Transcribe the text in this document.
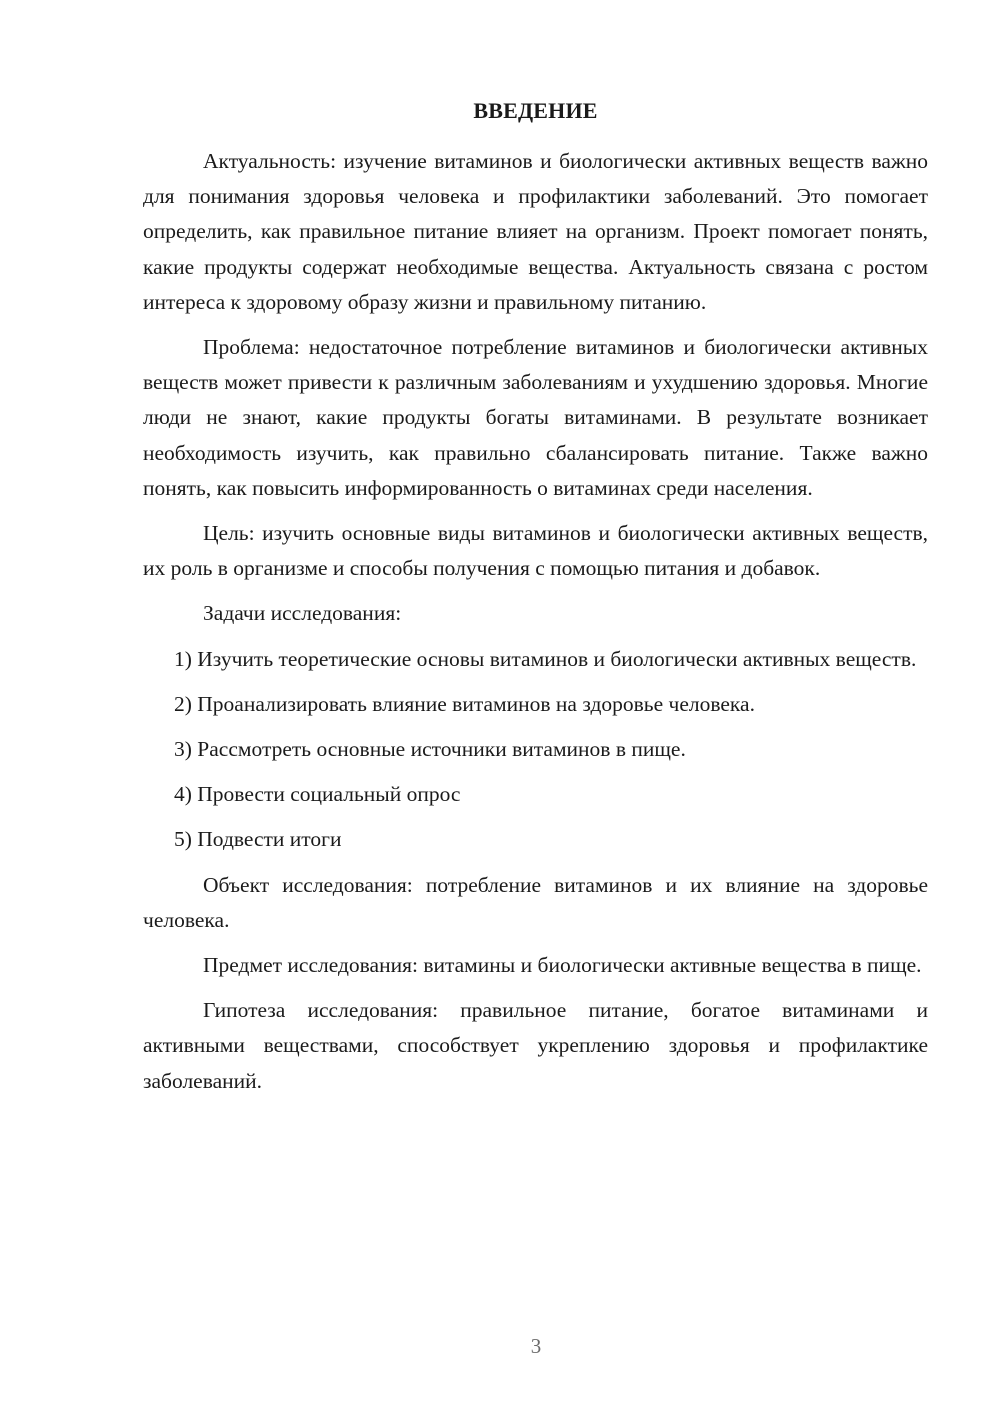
ВВЕДЕНИЕ

Актуальность: изучение витаминов и биологически активных веществ важно для понимания здоровья человека и профилактики заболеваний. Это помогает определить, как правильное питание влияет на организм. Проект помогает понять, какие продукты содержат необходимые вещества. Актуальность связана с ростом интереса к здоровому образу жизни и правильному питанию.

Проблема: недостаточное потребление витаминов и биологически активных веществ может привести к различным заболеваниям и ухудшению здоровья. Многие люди не знают, какие продукты богаты витаминами. В результате возникает необходимость изучить, как правильно сбалансировать питание. Также важно понять, как повысить информированность о витаминах среди населения.

Цель: изучить основные виды витаминов и биологически активных веществ, их роль в организме и способы получения с помощью питания и добавок.

Задачи исследования:

1) Изучить теоретические основы витаминов и биологически активных веществ.

2) Проанализировать влияние витаминов на здоровье человека.

3) Рассмотреть основные источники витаминов в пище.

4) Провести социальный опрос

5) Подвести итоги

Объект исследования: потребление витаминов и их влияние на здоровье человека.

Предмет исследования: витамины и биологически активные вещества в пище.

Гипотеза исследования: правильное питание, богатое витаминами и активными веществами, способствует укреплению здоровья и профилактике заболеваний.

3
